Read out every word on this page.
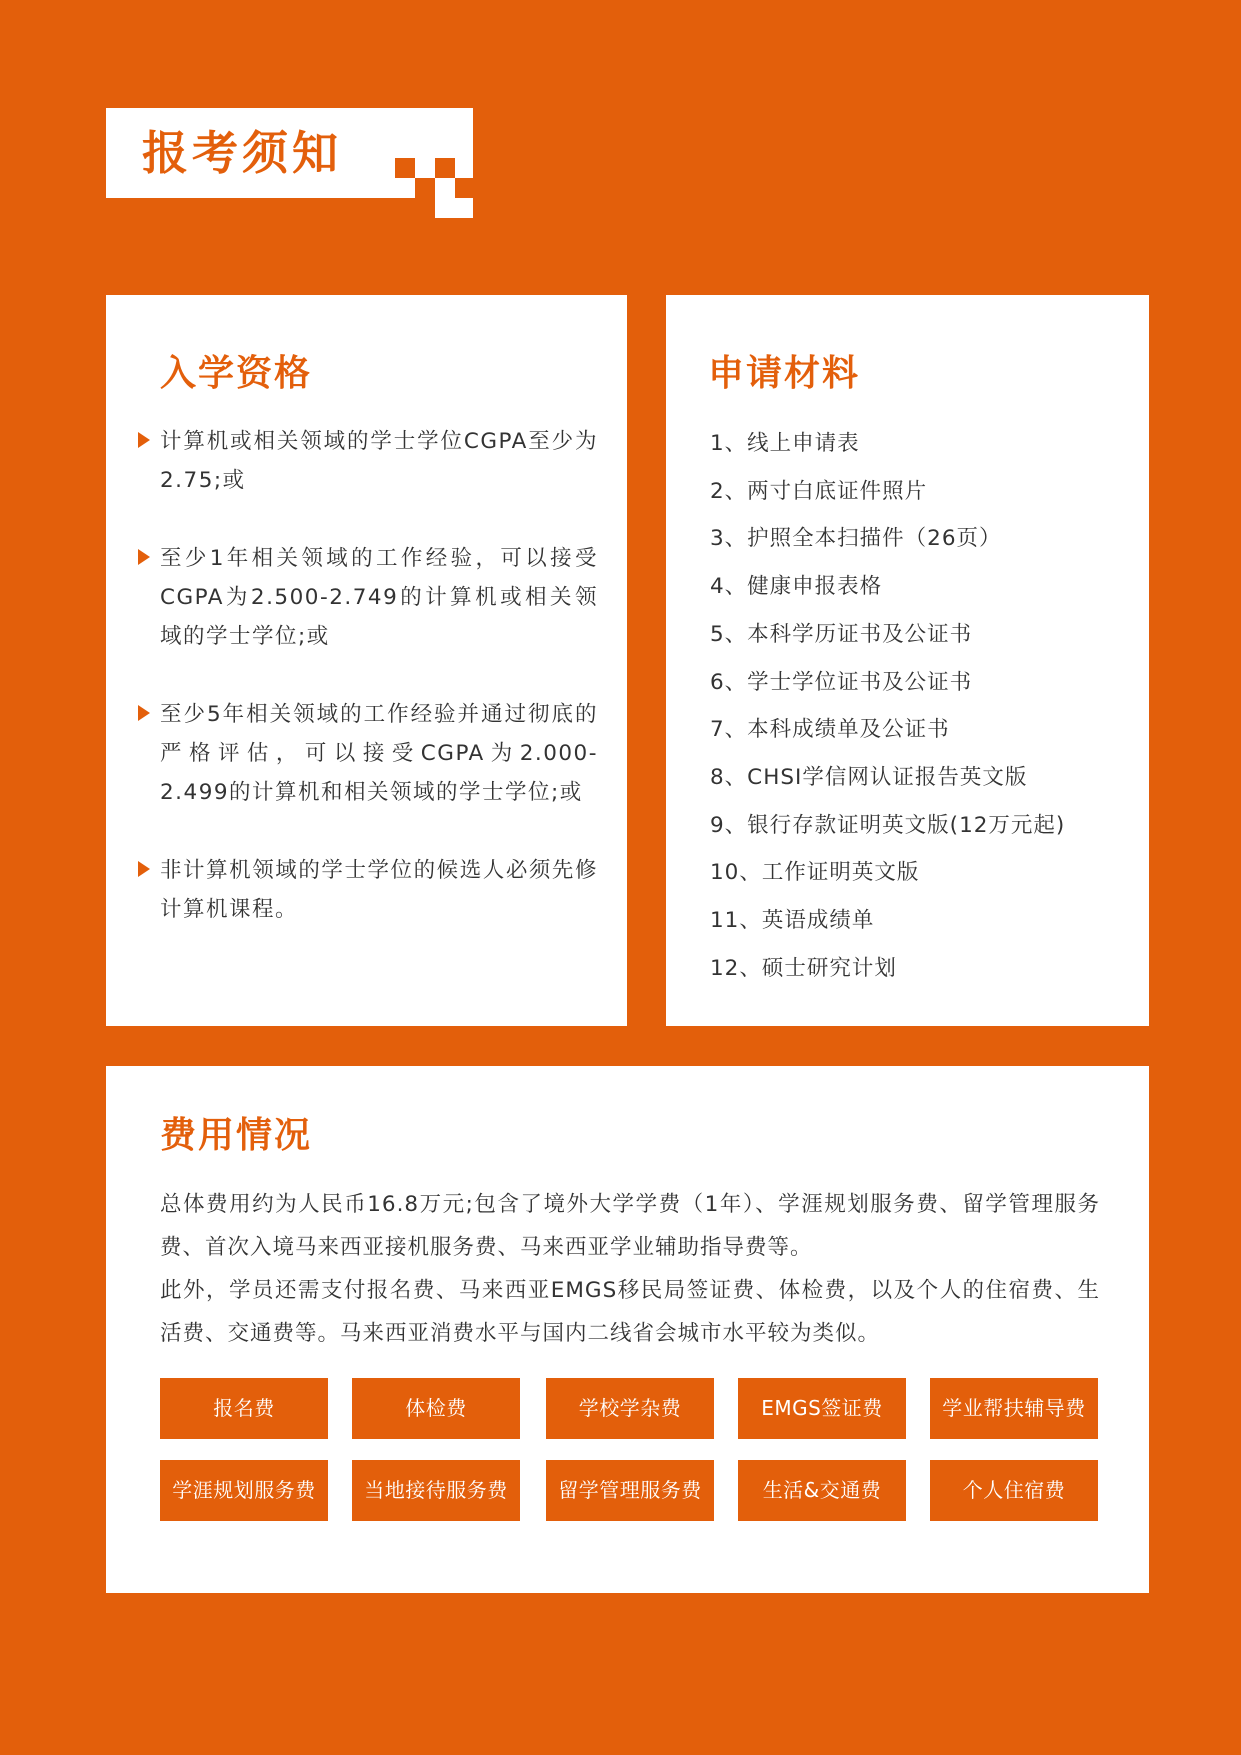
报考须知
入学资格
计算机或相关领域的学士学位CGPA至少为2.75;或
至少1年相关领域的工作经验，可以接受CGPA为2.500-2.749的计算机或相关领域的学士学位;或
至少5年相关领域的工作经验并通过彻底的严格评估，可以接受CGPA为2.000-2.499的计算机和相关领域的学士学位;或
非计算机领域的学士学位的候选人必须先修计算机课程。
申请材料
1、线上申请表
2、两寸白底证件照片
3、护照全本扫描件（26页）
4、健康申报表格
5、本科学历证书及公证书
6、学士学位证书及公证书
7、本科成绩单及公证书
8、CHSI学信网认证报告英文版
9、银行存款证明英文版(12万元起)
10、工作证明英文版
11、英语成绩单
12、硕士研究计划
费用情况

总体费用约为人民币16.8万元;包含了境外大学学费（1年）、学涯规划服务费、留学管理服务费、首次入境马来西亚接机服务费、马来西亚学业辅助指导费等。

此外，学员还需支付报名费、马来西亚EMGS移民局签证费、体检费，以及个人的住宿费、生活费、交通费等。马来西亚消费水平与国内二线省会城市水平较为类似。

报名费	体检费	学校学杂费	EMGS签证费	学业帮扶辅导费
学涯规划服务费	当地接待服务费	留学管理服务费	生活&交通费	个人住宿费
